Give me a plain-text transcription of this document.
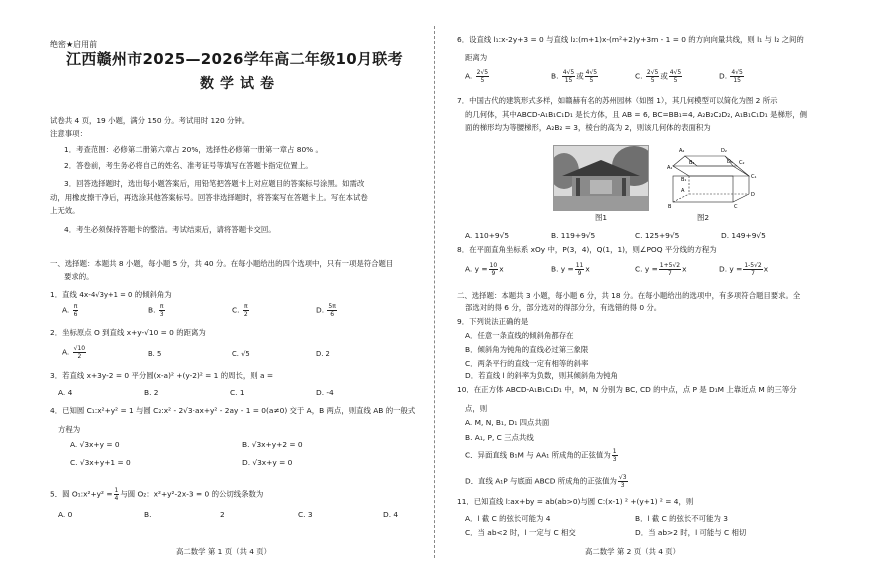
绝密★启用前
江西赣州市2025—2026学年高二年级10月联考
数学试卷
试卷共 4 页，19 小题，满分 150 分。考试用时 120 分钟。
注意事项：
1．考查范围：必修第二册第六章占 20%，选择性必修第一册第一章占 80% 。
2．答卷前，考生务必将自己的姓名、准考证号等填写在答题卡指定位置上。
3．回答选择题时，选出每小题答案后，用铅笔把答题卡上对应题目的答案标号涂黑。如需改
动，用橡皮擦干净后，再选涂其他答案标号。回答非选择题时，将答案写在答题卡上。写在本试卷
上无效。
4．考生必须保持答题卡的整洁。考试结束后，请将答题卡交回。
一、选择题：本题共 8 小题，每小题 5 分，共 40 分。在每小题给出的四个选项中，只有一项是符合题目
要求的。
1．直线 4x-4√3y+1 = 0 的倾斜角为
A. $\frac{\pi}{6}$	B. $\frac{\pi}{3}$	C. $\frac{\pi}{2}$	D. $\frac{5\pi}{6}$
2．坐标原点 O 到直线 x+y-√10 = 0 的距离为
A. $\frac{√10}{2}$	B. 5	C. √5	D. 2
3．若直线 x+3y-2 = 0 平分圆(x-a)² +(y-2)² = 1 的周长，则 a =
A. 4	B. 2	C. 1	D. -4
4．已知圆 C₁:x²+y² = 1 与圆 C₂:x² - 2√3·ax+y² - 2ay - 1 = 0(a≠0) 交于 A，B 两点，则直线 AB 的一般式
方程为
A. √3x+y = 0	B. √3x+y+2 = 0
C. √3x+y+1 = 0	D. √3x+y = 0
5．圆 O₁:x²+y² = $\frac{1}{4}$ 与圆 O₂：x²+y²-2x-3 = 0 的公切线条数为
A. 0	B.	2	C. 3	D. 4
高二数学 第 1 页（共 4 页）
6．设直线 l₁:x-2y+3 = 0 与直线 l₂:(m+1)x-(m²+2)y+3m - 1 = 0 的方向向量共线，则 l₁ 与 l₂ 之间的
距离为
A. $\frac{2√5}{5}$	B. $\frac{4√5}{15}$ 或 $\frac{4√5}{5}$	C. $\frac{2√5}{5}$ 或 $\frac{4√5}{5}$	D. $\frac{4√5}{15}$
7．中国古代的建筑形式多样，如赣赫有名的苏州园林（如图 1），其几何模型可以简化为图 2 所示
的几何体，其中ABCD-A₁B₁C₁D₁ 是长方体，且 AB = 6, BC=BB₁=4, A₂B₂C₂D₂, A₁B₁C₁D₁ 是梯形，侧
面的梯形均为等腰梯形，A₂B₂ = 3，棱台的高为 2，则该几何体的表面积为
图1
A₂	D₂
B₂	C₂
A₁
D₁
B₁	C₁
A
D
B	C
图2
A. 110+9√5	B. 119+9√5	C. 125+9√5	D. 149+9√5
8．在平面直角坐标系 xOy 中，P(3，4)，Q(1，1)，则∠POQ 平分线的方程为
A. $y = \frac{10}{9}$ x	B. $y = \frac{11}{9}$ x	C. $y = \frac{1+5√2}{7}$ x	D. $y = \frac{1-5√2}{7}$ x
二、选择题：本题共 3 小题，每小题 6 分，共 18 分。在每小题给出的选项中，有多项符合题目要求。全
部选对的得 6 分，部分选对的得部分分，有选错的得 0 分。
9．下列说法正确的是
A．任意一条直线的倾斜角都存在
B．倾斜角为钝角的直线必过第三象限
C．两条平行的直线一定有相等的斜率
D．若直线 l 的斜率为负数，则其倾斜角为钝角
10．在正方体 ABCD-A₁B₁C₁D₁ 中，M，N 分别为 BC, CD 的中点，点 P 是 D₁M 上靠近点 M 的三等分
点，则
A. M, N, B₁, D₁ 四点共面
B. A₁, P, C 三点共线
C．异面直线 B₁M 与 AA₁ 所成角的正弦值为 $\frac{1}{3}$
D．直线 A₁P 与底面 ABCD 所成角的正弦值为 $\frac{√3}{3}$
11．已知直线 l:ax+by = ab(ab>0)与圆 C:(x-1) ² +(y+1) ² = 4，则
A．l 截 C 的弦长可能为 4	B．l 截 C 的弦长不可能为 3
C．当 ab<2 时，l 一定与 C 相交	D．当 ab>2 时，l 可能与 C 相切
高二数学 第 2 页（共 4 页）
